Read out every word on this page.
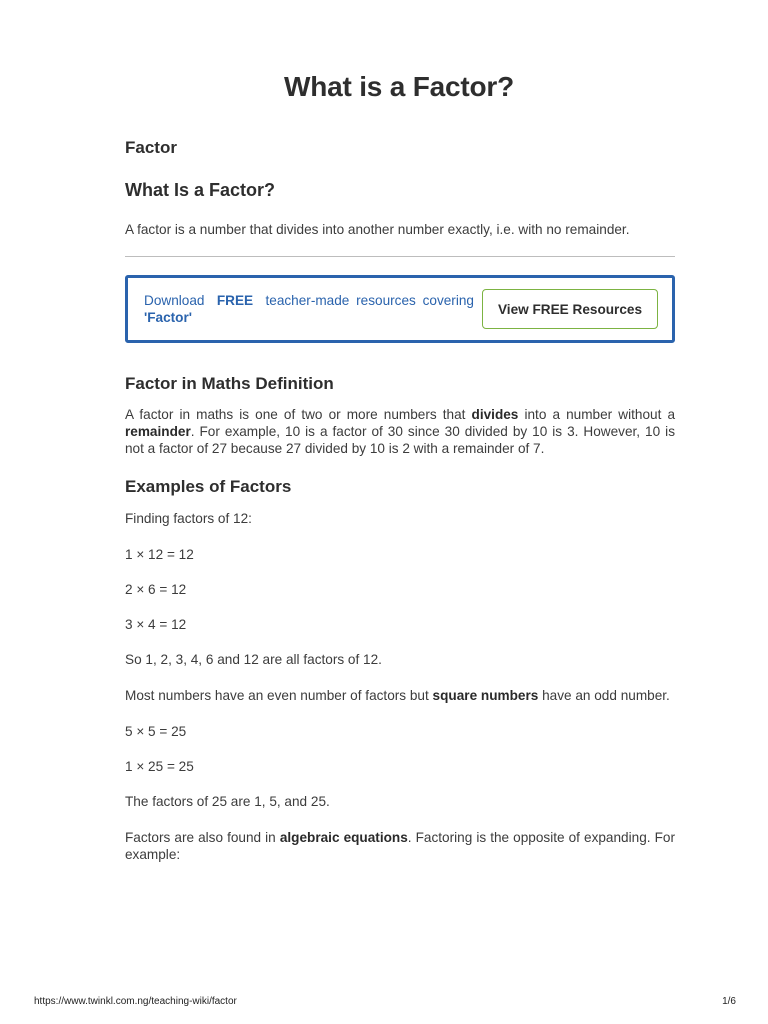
What is a Factor?
Factor
What Is a Factor?

A factor is a number that divides into another number exactly, i.e. with no remainder.

Download FREE teacher-made resources covering
'Factor'
View FREE Resources
Factor in Maths Definition

A factor in maths is one of two or more numbers that divides into a number without a remainder. For example, 10 is a factor of 30 since 30 divided by 10 is 3. However, 10 is not a factor of 27 because 27 divided by 10 is 2 with a remainder of 7.

Examples of Factors

Finding factors of 12:

1 × 12 = 12

2 × 6 = 12

3 × 4 = 12

So 1, 2, 3, 4, 6 and 12 are all factors of 12.

Most numbers have an even number of factors but square numbers have an odd number.

5 × 5 = 25

1 × 25 = 25

The factors of 25 are 1, 5, and 25.

Factors are also found in algebraic equations. Factoring is the opposite of expanding. For example:

https://www.twinkl.com.ng/teaching-wiki/factor	1/6
